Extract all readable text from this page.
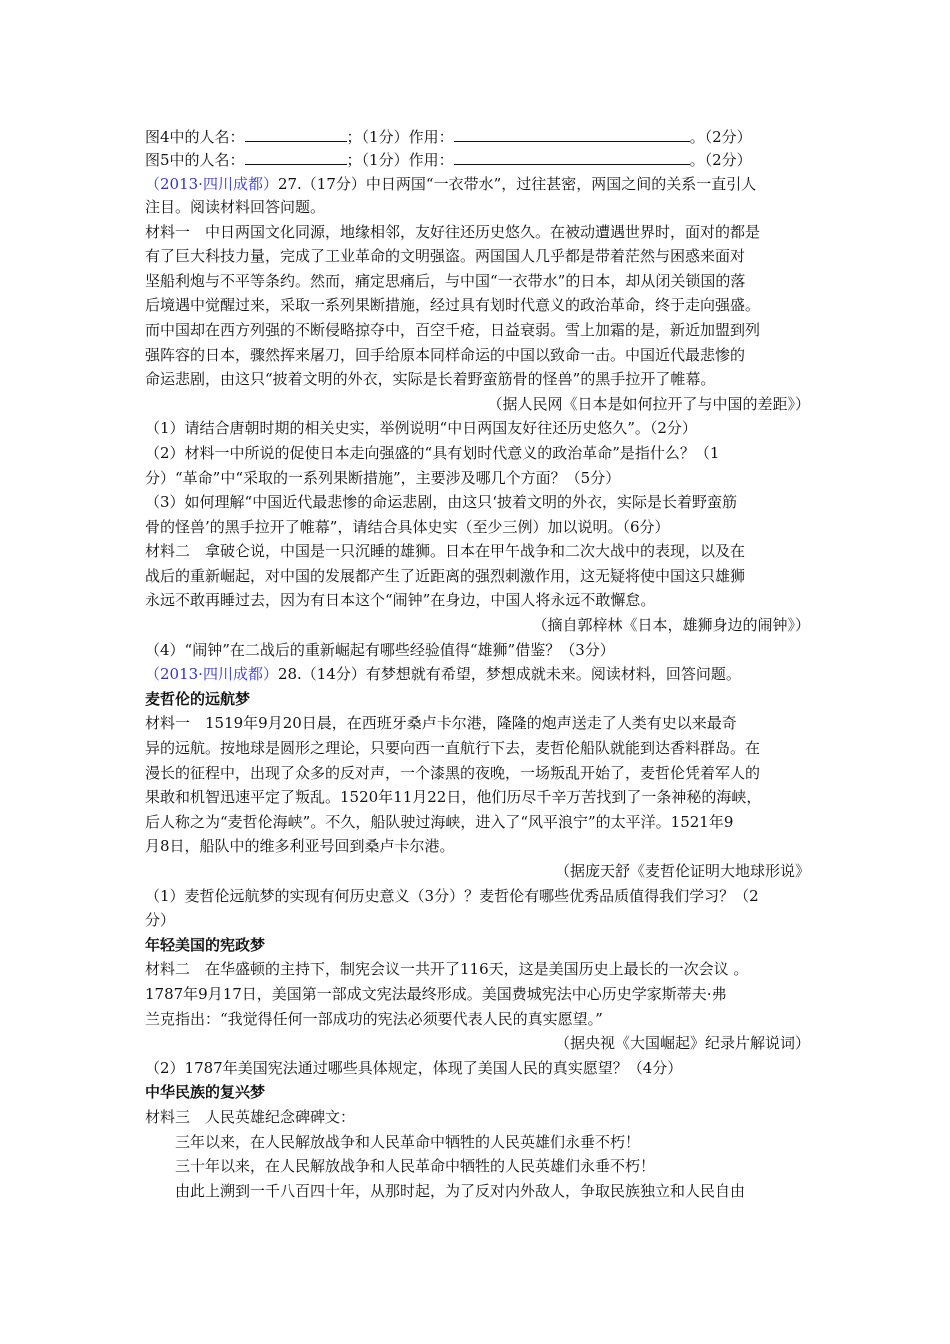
图4中的人名：	；（1分）作用：	。（2分）
图5中的人名：	；（1分）作用：	。（2分）
（2013·四川成都）27.（17分）中日两国“一衣带水”，过往甚密，两国之间的关系一直引人
注目。阅读材料回答问题。
材料一　中日两国文化同源，地缘相邻，友好往还历史悠久。在被动遭遇世界时，面对的都是
有了巨大科技力量，完成了工业革命的文明强盗。两国国人几乎都是带着茫然与困惑来面对
坚船利炮与不平等条约。然而，痛定思痛后，与中国“一衣带水”的日本，却从闭关锁国的落
后境遇中觉醒过来，采取一系列果断措施，经过具有划时代意义的政治革命，终于走向强盛。
而中国却在西方列强的不断侵略掠夺中，百空千疮，日益衰弱。雪上加霜的是，新近加盟到列
强阵容的日本，骤然挥来屠刀，回手给原本同样命运的中国以致命一击。中国近代最悲惨的
命运悲剧，由这只“披着文明的外衣，实际是长着野蛮筋骨的怪兽”的黑手拉开了帷幕。
（据人民网《日本是如何拉开了与中国的差距》）
（1）请结合唐朝时期的相关史实，举例说明“中日两国友好往还历史悠久”。（2分）
（2）材料一中所说的促使日本走向强盛的“具有划时代意义的政治革命”是指什么？（1
分）“革命”中“采取的一系列果断措施”，主要涉及哪几个方面？（5分）
（3）如何理解“中国近代最悲惨的命运悲剧，由这只‘披着文明的外衣，实际是长着野蛮筋
骨的怪兽’的黑手拉开了帷幕”，请结合具体史实（至少三例）加以说明。（6分）
材料二　拿破仑说，中国是一只沉睡的雄狮。日本在甲午战争和二次大战中的表现，以及在
战后的重新崛起，对中国的发展都产生了近距离的强烈刺激作用，这无疑将使中国这只雄狮
永远不敢再睡过去，因为有日本这个“闹钟”在身边，中国人将永远不敢懈怠。
（摘自郭梓林《日本，雄狮身边的闹钟》）
（4）“闹钟”在二战后的重新崛起有哪些经验值得“雄狮”借鉴？（3分）
（2013·四川成都）28.（14分）有梦想就有希望，梦想成就未来。阅读材料，回答问题。
麦哲伦的远航梦
材料一　1519年9月20日晨，在西班牙桑卢卡尔港，隆隆的炮声送走了人类有史以来最奇
异的远航。按地球是圆形之理论，只要向西一直航行下去，麦哲伦船队就能到达香料群岛。在
漫长的征程中，出现了众多的反对声，一个漆黑的夜晚，一场叛乱开始了，麦哲伦凭着军人的
果敢和机智迅速平定了叛乱。1520年11月22日，他们历尽千辛万苦找到了一条神秘的海峡，
后人称之为“麦哲伦海峡”。不久，船队驶过海峡，进入了“风平浪宁”的太平洋。1521年9
月8日，船队中的维多利亚号回到桑卢卡尔港。
（据庞天舒《麦哲伦证明大地球形说》
（1）麦哲伦远航梦的实现有何历史意义（3分）？麦哲伦有哪些优秀品质值得我们学习？（2
分）
年轻美国的宪政梦
材料二　在华盛顿的主持下，制宪会议一共开了116天，这是美国历史上最长的一次会议 。
1787年9月17日，美国第一部成文宪法最终形成。美国费城宪法中心历史学家斯蒂夫·弗
兰克指出：“我觉得任何一部成功的宪法必须要代表人民的真实愿望。”
（据央视《大国崛起》纪录片解说词）
（2）1787年美国宪法通过哪些具体规定，体现了美国人民的真实愿望？（4分）
中华民族的复兴梦
材料三　人民英雄纪念碑碑文：
三年以来，在人民解放战争和人民革命中牺牲的人民英雄们永垂不朽！
三十年以来，在人民解放战争和人民革命中牺牲的人民英雄们永垂不朽！
由此上溯到一千八百四十年，从那时起，为了反对内外敌人，争取民族独立和人民自由
